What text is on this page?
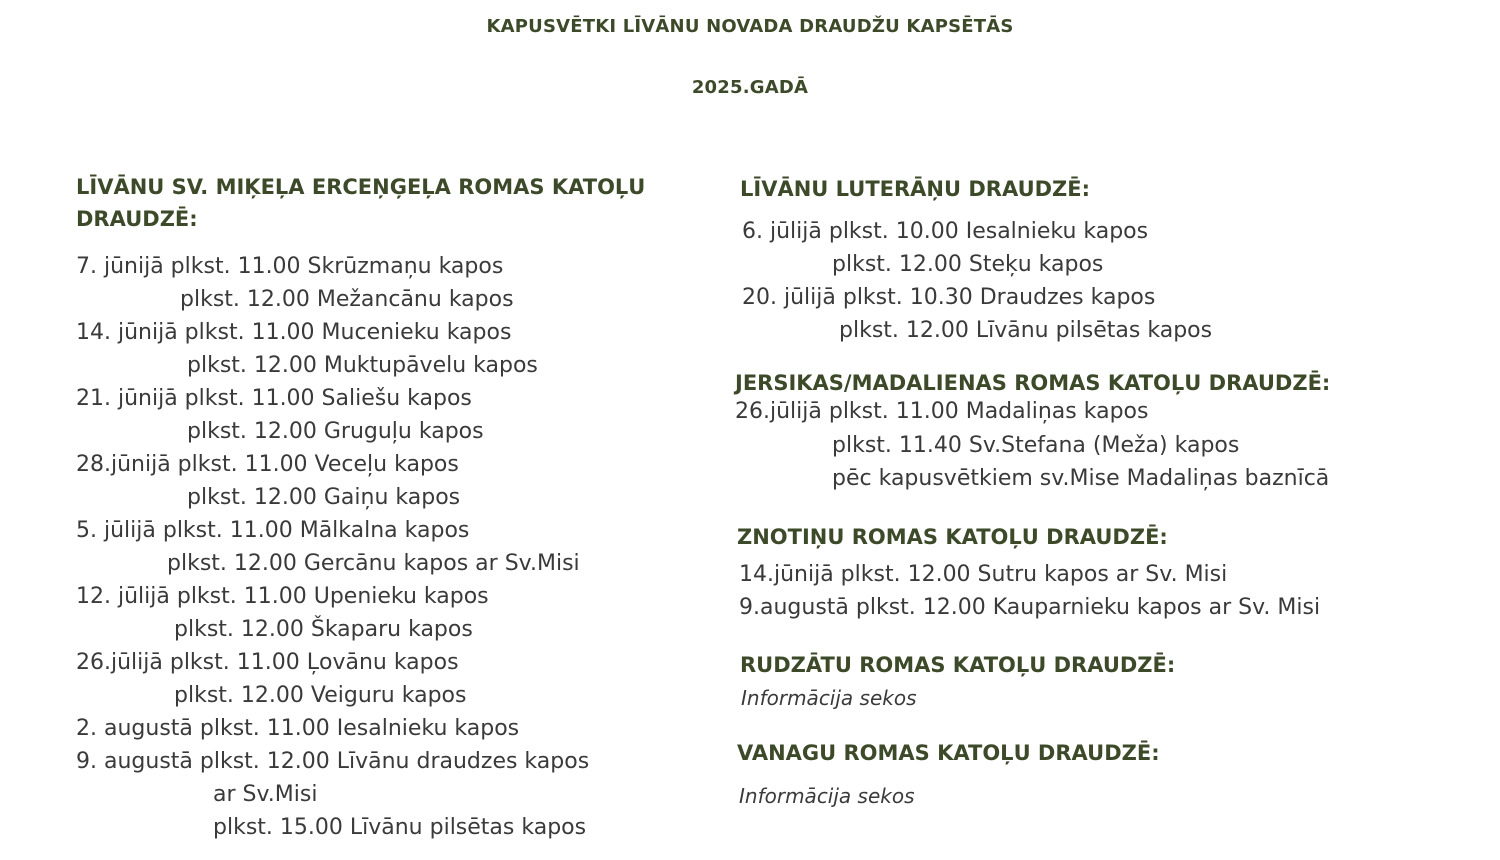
KAPUSVĒTKI LĪVĀNU NOVADA DRAUDŽU KAPSĒTĀS
2025.GADĀ
LĪVĀNU SV. MIĶEĻA ERCEŅĢEĻA ROMAS KATOĻU
DRAUDZĒ:
7. jūnijā plkst. 11.00 Skrūzmaņu kapos
plkst. 12.00 Mežancānu kapos
14. jūnijā plkst. 11.00 Mucenieku kapos
plkst. 12.00 Muktupāvelu kapos
21. jūnijā plkst. 11.00 Saliešu kapos
plkst. 12.00 Gruguļu kapos
28.jūnijā plkst. 11.00 Veceļu kapos
plkst. 12.00 Gaiņu kapos
5. jūlijā plkst. 11.00 Mālkalna kapos
plkst. 12.00 Gercānu kapos ar Sv.Misi
12. jūlijā plkst. 11.00 Upenieku kapos
plkst. 12.00 Škaparu kapos
26.jūlijā plkst. 11.00 Ļovānu kapos
plkst. 12.00 Veiguru kapos
2. augustā plkst. 11.00 Iesalnieku kapos
9. augustā plkst. 12.00 Līvānu draudzes kapos
ar Sv.Misi
plkst. 15.00 Līvānu pilsētas kapos
LĪVĀNU LUTERĀŅU DRAUDZĒ:
6. jūlijā plkst. 10.00 Iesalnieku kapos
plkst. 12.00 Steķu kapos
20. jūlijā plkst. 10.30 Draudzes kapos
plkst. 12.00 Līvānu pilsētas kapos
JERSIKAS/MADALIENAS ROMAS KATOĻU DRAUDZĒ:
26.jūlijā plkst. 11.00 Madaliņas kapos
plkst. 11.40 Sv.Stefana (Meža) kapos
pēc kapusvētkiem sv.Mise Madaliņas baznīcā
ZNOTIŅU ROMAS KATOĻU DRAUDZĒ:
14.jūnijā plkst. 12.00 Sutru kapos ar Sv. Misi
9.augustā plkst. 12.00 Kauparnieku kapos ar Sv. Misi
RUDZĀTU ROMAS KATOĻU DRAUDZĒ:
Informācija sekos
VANAGU ROMAS KATOĻU DRAUDZĒ:
Informācija sekos
